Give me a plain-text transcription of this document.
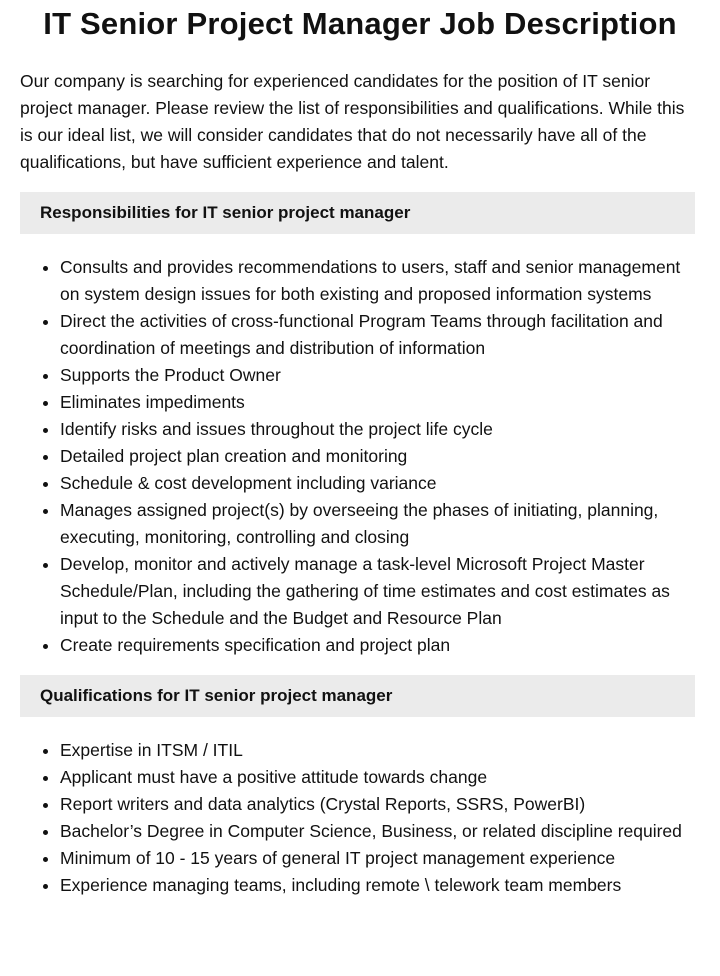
IT Senior Project Manager Job Description

Our company is searching for experienced candidates for the position of IT senior project manager. Please review the list of responsibilities and qualifications. While this is our ideal list, we will consider candidates that do not necessarily have all of the qualifications, but have sufficient experience and talent.

Responsibilities for IT senior project manager
• Consults and provides recommendations to users, staff and senior management on system design issues for both existing and proposed information systems
• Direct the activities of cross-functional Program Teams through facilitation and coordination of meetings and distribution of information
• Supports the Product Owner
• Eliminates impediments
• Identify risks and issues throughout the project life cycle
• Detailed project plan creation and monitoring
• Schedule & cost development including variance
• Manages assigned project(s) by overseeing the phases of initiating, planning, executing, monitoring, controlling and closing
• Develop, monitor and actively manage a task-level Microsoft Project Master Schedule/Plan, including the gathering of time estimates and cost estimates as input to the Schedule and the Budget and Resource Plan
• Create requirements specification and project plan
Qualifications for IT senior project manager
• Expertise in ITSM / ITIL
• Applicant must have a positive attitude towards change
• Report writers and data analytics (Crystal Reports, SSRS, PowerBI)
• Bachelor’s Degree in Computer Science, Business, or related discipline required
• Minimum of 10 - 15 years of general IT project management experience
• Experience managing teams, including remote \ telework team members
